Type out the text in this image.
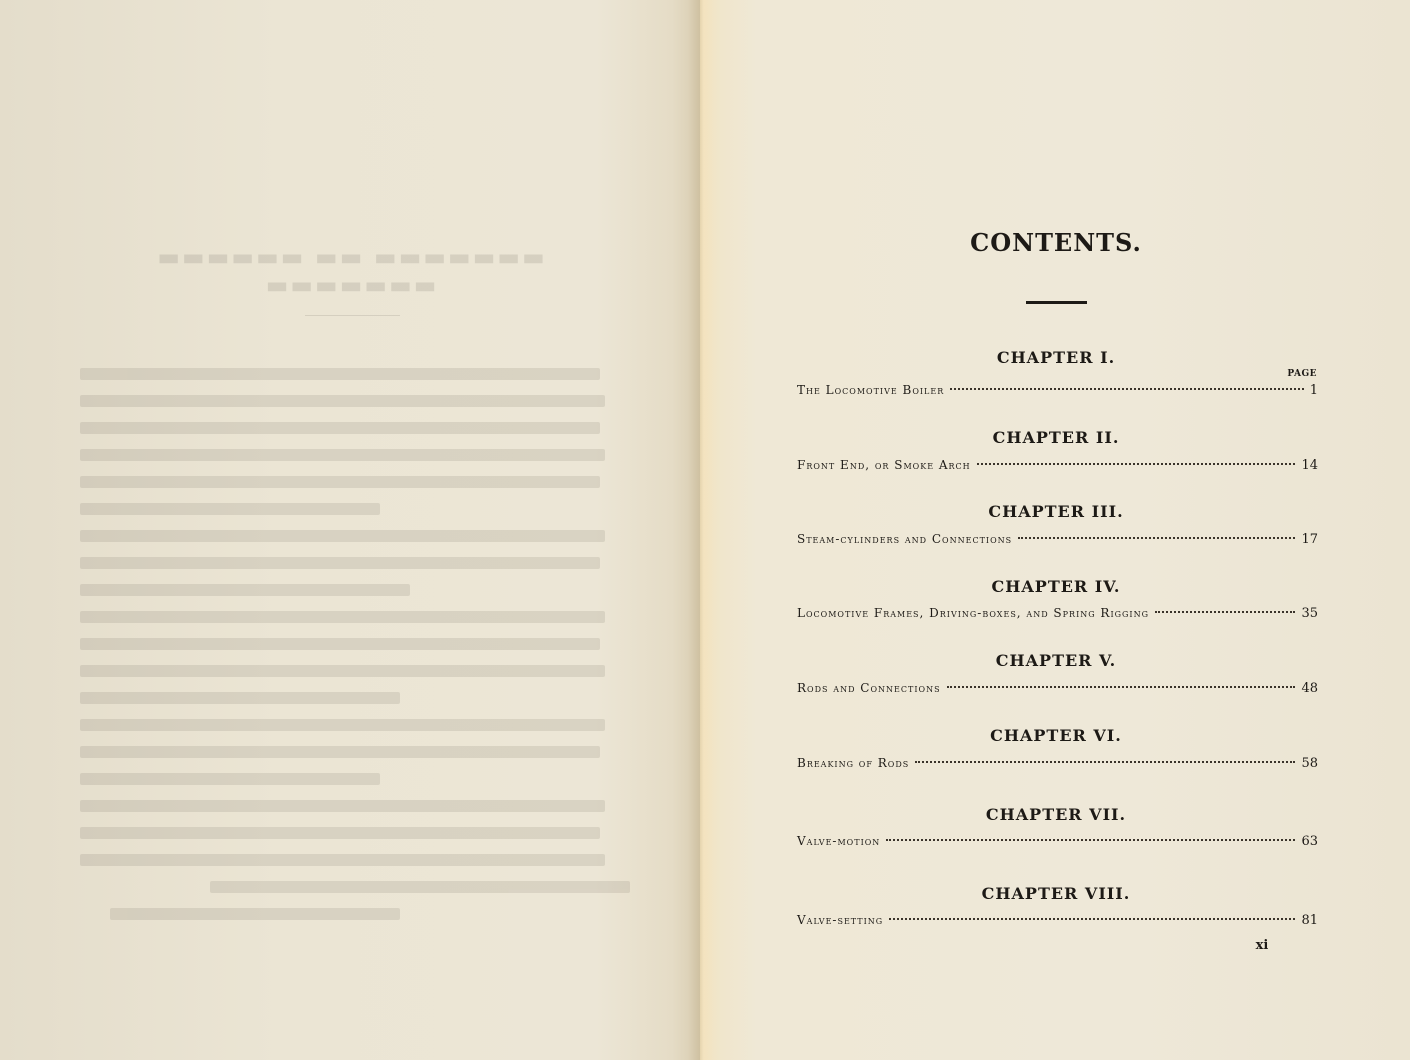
▬▬▬▬▬▬▬ ▬▬ ▬▬▬▬▬▬ ▬▬▬▬▬▬▬
CONTENTS.
CHAPTER I.
PAGE
The Locomotive Boiler	1
CHAPTER II.
Front End, or Smoke Arch	14
CHAPTER III.
Steam-cylinders and Connections	17
CHAPTER IV.
Locomotive Frames, Driving-boxes, and Spring Rigging	35
CHAPTER V.
Rods and Connections	48
CHAPTER VI.
Breaking of Rods	58
CHAPTER VII.
Valve-motion	63
CHAPTER VIII.
Valve-setting	81
xi
